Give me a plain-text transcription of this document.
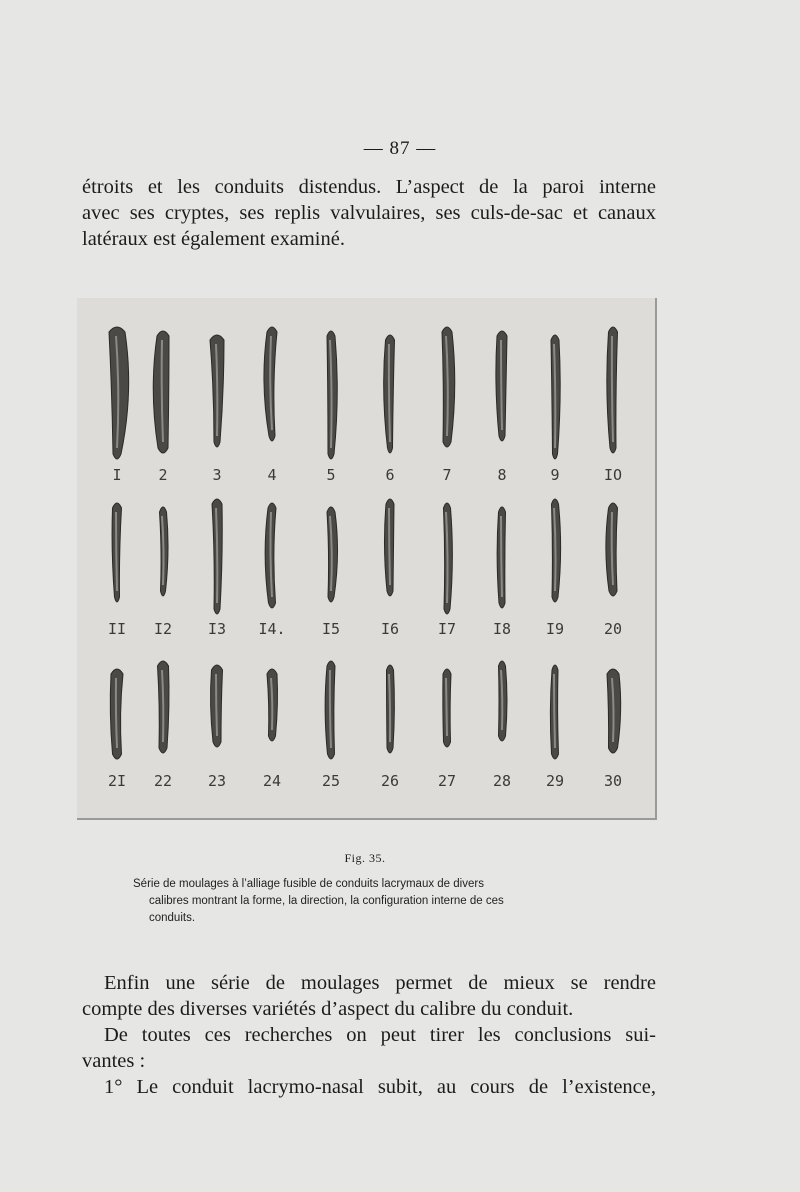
— 87 —
étroits et les conduits distendus. L’aspect de la paroi interne
avec ses cryptes, ses replis valvulaires, ses culs-de-sac et canaux
latéraux est également examiné.
I 2	3	4	5	6	7	8	9	IO
II I2 I3 I4. I5	I6	I7 I8 I9	20
2I 22 23 24	25	26	27 28 29	30
Fig. 35.
Série de moulages à l’alliage fusible de conduits lacrymaux de divers
calibres montrant la forme, la direction, la configuration interne de ces
conduits.
Enfin une série de moulages permet de mieux se rendre
compte des diverses variétés d’aspect du calibre du conduit.
De toutes ces recherches on peut tirer les conclusions sui-
vantes :
1° Le conduit lacrymo-nasal subit, au cours de l’existence,
